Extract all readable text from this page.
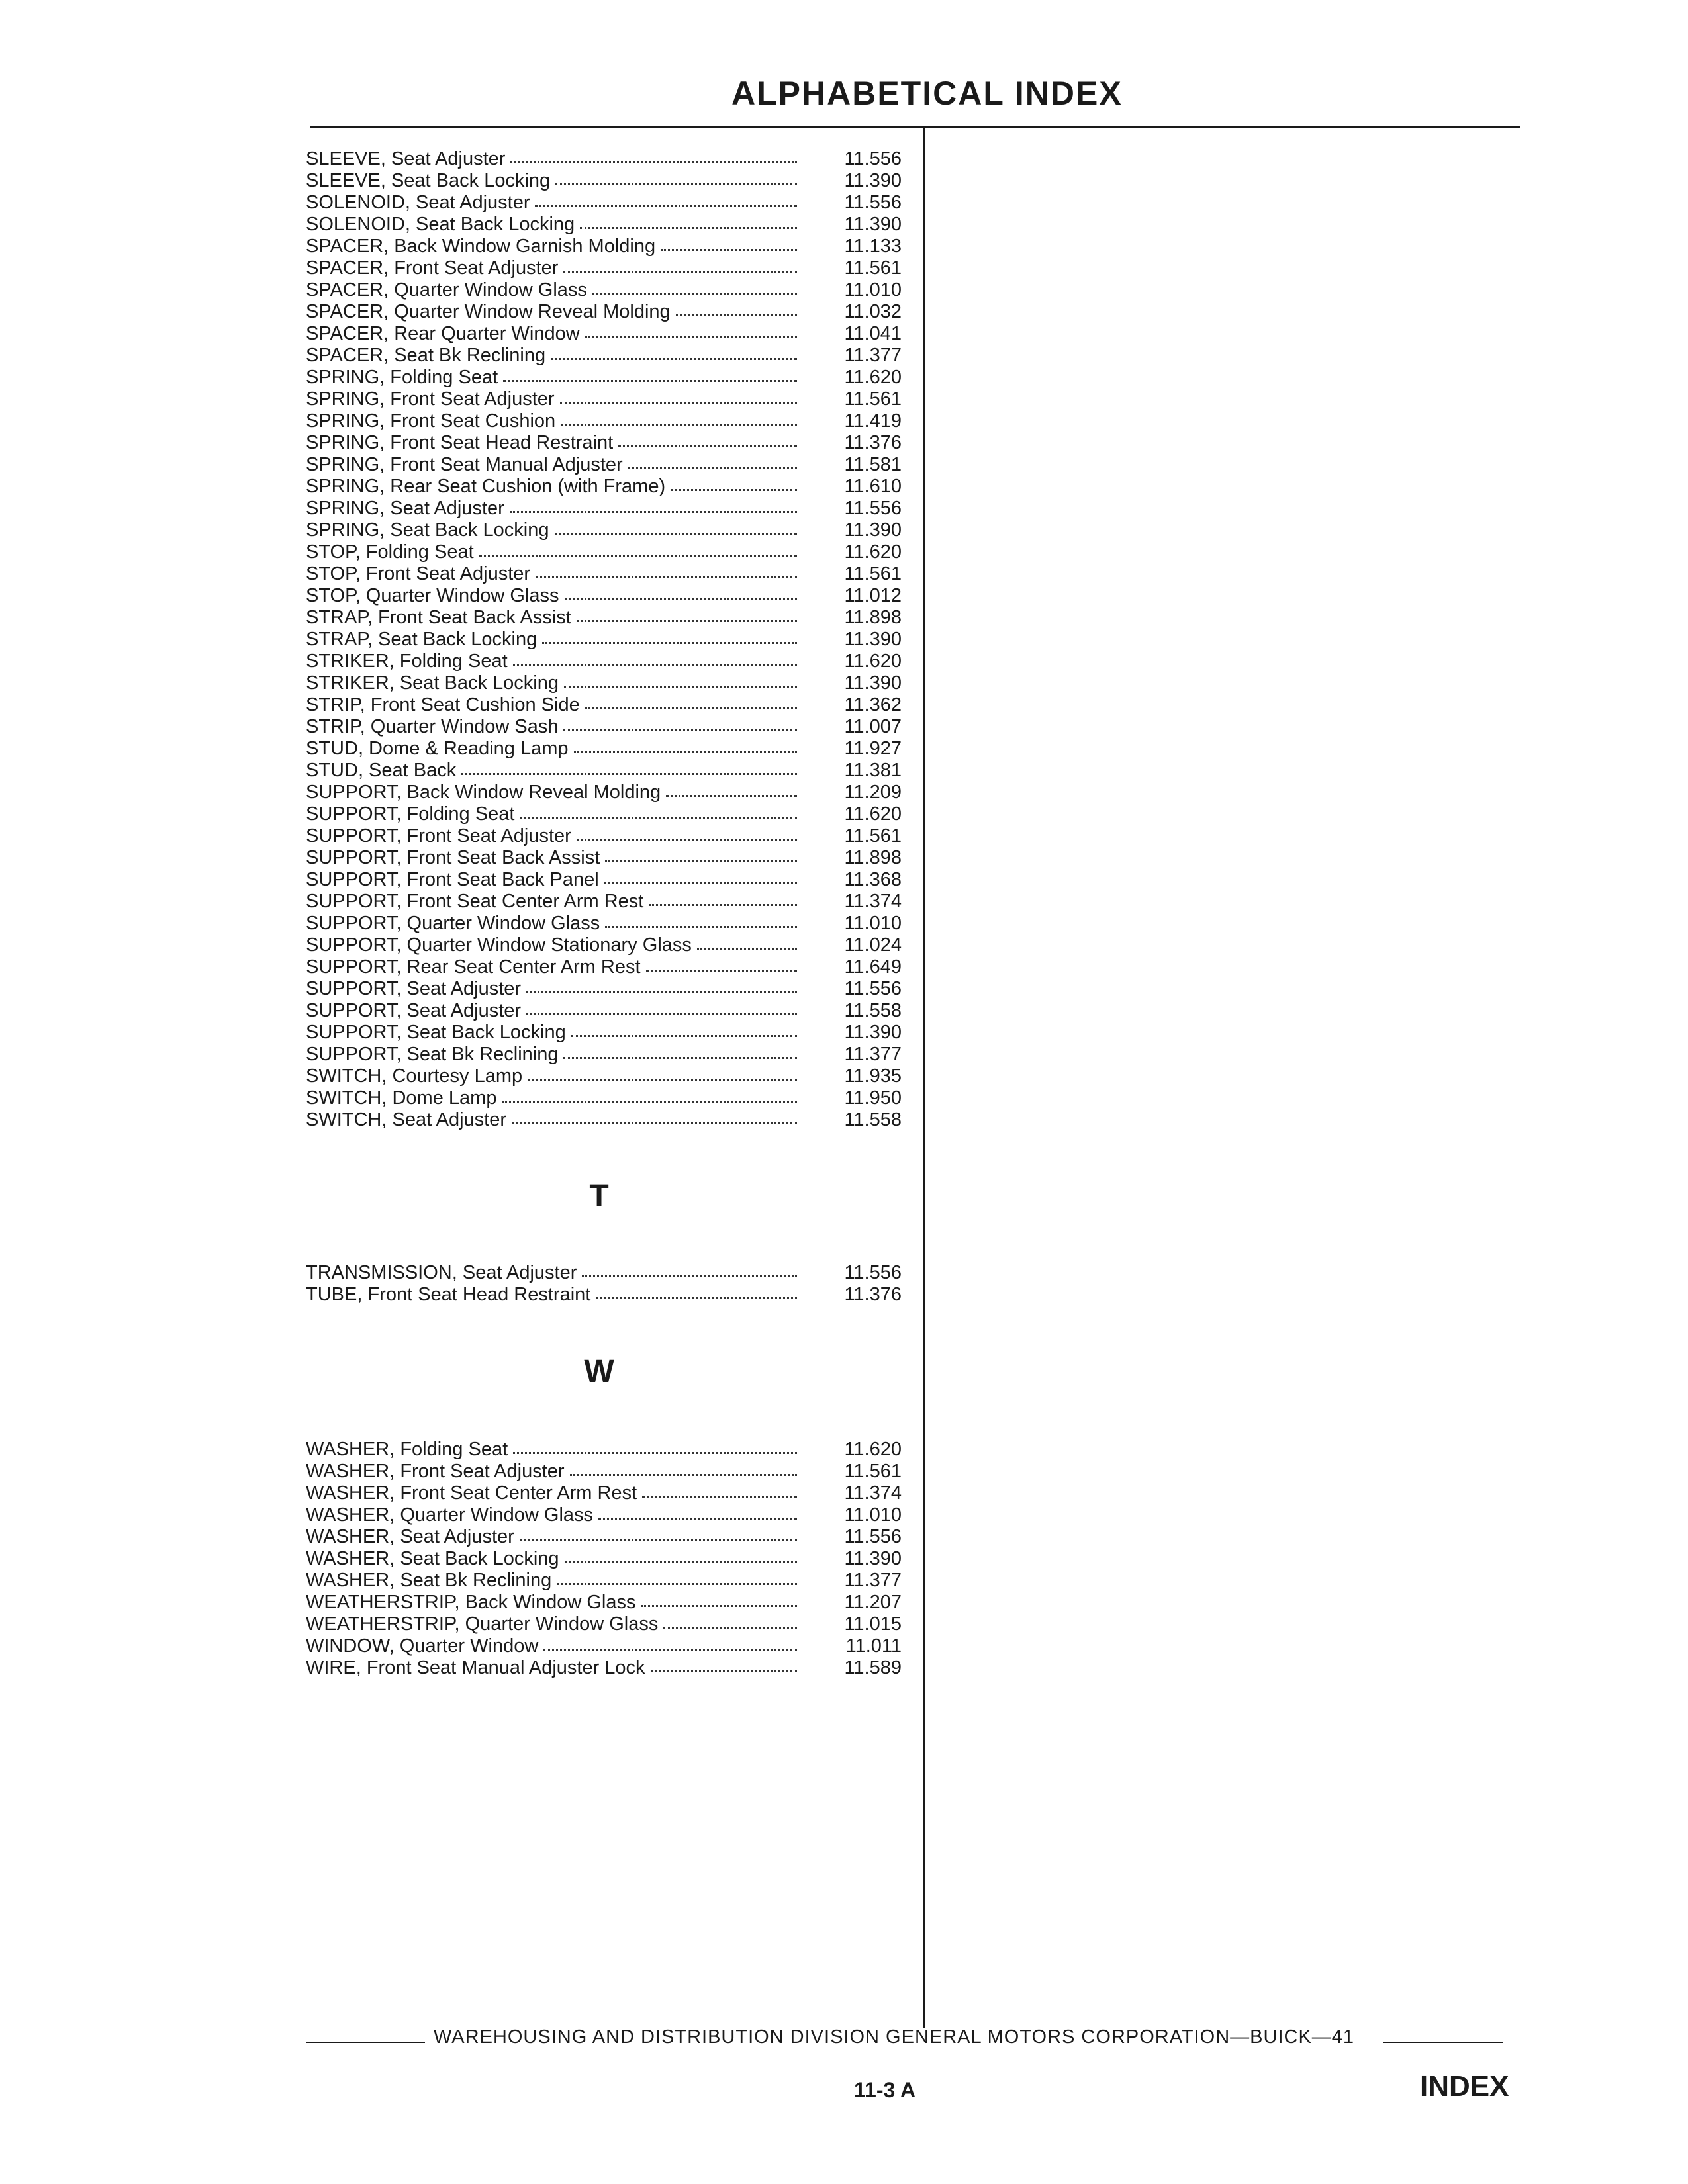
ALPHABETICAL INDEX
SLEEVE, Seat Adjuster	11.556
SLEEVE, Seat Back Locking	11.390
SOLENOID, Seat Adjuster	11.556
SOLENOID, Seat Back Locking	11.390
SPACER, Back Window Garnish Molding	11.133
SPACER, Front Seat Adjuster	11.561
SPACER, Quarter Window Glass	11.010
SPACER, Quarter Window Reveal Molding	11.032
SPACER, Rear Quarter Window	11.041
SPACER, Seat Bk Reclining	11.377
SPRING, Folding Seat	11.620
SPRING, Front Seat Adjuster	11.561
SPRING, Front Seat Cushion	11.419
SPRING, Front Seat Head Restraint	11.376
SPRING, Front Seat Manual Adjuster	11.581
SPRING, Rear Seat Cushion (with Frame)	11.610
SPRING, Seat Adjuster	11.556
SPRING, Seat Back Locking	11.390
STOP, Folding Seat	11.620
STOP, Front Seat Adjuster	11.561
STOP, Quarter Window Glass	11.012
STRAP, Front Seat Back Assist	11.898
STRAP, Seat Back Locking	11.390
STRIKER, Folding Seat	11.620
STRIKER, Seat Back Locking	11.390
STRIP, Front Seat Cushion Side	11.362
STRIP, Quarter Window Sash	11.007
STUD, Dome & Reading Lamp	11.927
STUD, Seat Back	11.381
SUPPORT, Back Window Reveal Molding	11.209
SUPPORT, Folding Seat	11.620
SUPPORT, Front Seat Adjuster	11.561
SUPPORT, Front Seat Back Assist	11.898
SUPPORT, Front Seat Back Panel	11.368
SUPPORT, Front Seat Center Arm Rest	11.374
SUPPORT, Quarter Window Glass	11.010
SUPPORT, Quarter Window Stationary Glass	11.024
SUPPORT, Rear Seat Center Arm Rest	11.649
SUPPORT, Seat Adjuster	11.556
SUPPORT, Seat Adjuster	11.558
SUPPORT, Seat Back Locking	11.390
SUPPORT, Seat Bk Reclining	11.377
SWITCH, Courtesy Lamp	11.935
SWITCH, Dome Lamp	11.950
SWITCH, Seat Adjuster	11.558
T
TRANSMISSION, Seat Adjuster	11.556
TUBE, Front Seat Head Restraint	11.376
W
WASHER, Folding Seat	11.620
WASHER, Front Seat Adjuster	11.561
WASHER, Front Seat Center Arm Rest	11.374
WASHER, Quarter Window Glass	11.010
WASHER, Seat Adjuster	11.556
WASHER, Seat Back Locking	11.390
WASHER, Seat Bk Reclining	11.377
WEATHERSTRIP, Back Window Glass	11.207
WEATHERSTRIP, Quarter Window Glass	11.015
WINDOW, Quarter Window	11.011
WIRE, Front Seat Manual Adjuster Lock	11.589
WAREHOUSING AND DISTRIBUTION DIVISION GENERAL MOTORS CORPORATION—BUICK—41
11-3 A	INDEX
